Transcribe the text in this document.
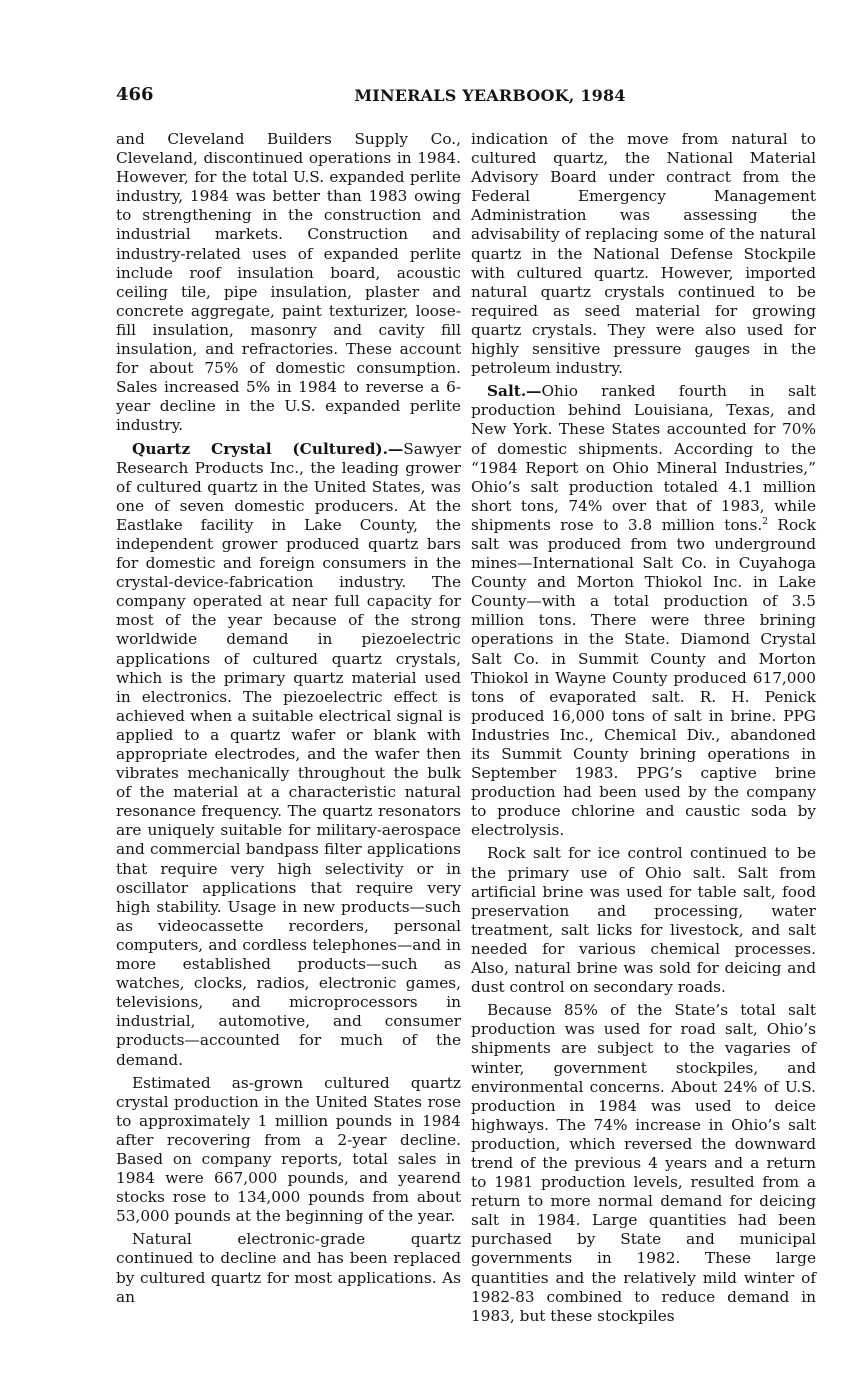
466	MINERALS YEARBOOK, 1984

and Cleveland Builders Supply Co., Cleveland, discontinued operations in 1984. However, for the total U.S. expanded perlite industry, 1984 was better than 1983 owing to strengthening in the construction and industrial markets. Construction and industry-related uses of expanded perlite include roof insulation board, acoustic ceiling tile, pipe insulation, plaster and concrete aggregate, paint texturizer, loose-fill insulation, masonry and cavity fill insulation, and refractories. These account for about 75% of domestic consumption. Sales increased 5% in 1984 to reverse a 6-year decline in the U.S. expanded perlite industry.

Quartz Crystal (Cultured).—Sawyer Research Products Inc., the leading grower of cultured quartz in the United States, was one of seven domestic producers. At the Eastlake facility in Lake County, the independent grower produced quartz bars for domestic and foreign consumers in the crystal-device-fabrication industry. The company operated at near full capacity for most of the year because of the strong worldwide demand in piezoelectric applications of cultured quartz crystals, which is the primary quartz material used in electronics. The piezoelectric effect is achieved when a suitable electrical signal is applied to a quartz wafer or blank with appropriate electrodes, and the wafer then vibrates mechanically throughout the bulk of the material at a characteristic natural resonance frequency. The quartz resonators are uniquely suitable for military-aerospace and commercial bandpass filter applications that require very high selectivity or in oscillator applications that require very high stability. Usage in new products—such as videocassette recorders, personal computers, and cordless telephones—and in more established products—such as watches, clocks, radios, electronic games, televisions, and microprocessors in industrial, automotive, and consumer products—accounted for much of the demand.

Estimated as-grown cultured quartz crystal production in the United States rose to approximately 1 million pounds in 1984 after recovering from a 2-year decline. Based on company reports, total sales in 1984 were 667,000 pounds, and yearend stocks rose to 134,000 pounds from about 53,000 pounds at the beginning of the year.

Natural electronic-grade quartz continued to decline and has been replaced by cultured quartz for most applications. As an

indication of the move from natural to cultured quartz, the National Material Advisory Board under contract from the Federal Emergency Management Administration was assessing the advisability of replacing some of the natural quartz in the National Defense Stockpile with cultured quartz. However, imported natural quartz crystals continued to be required as seed material for growing quartz crystals. They were also used for highly sensitive pressure gauges in the petroleum industry.

Salt.—Ohio ranked fourth in salt production behind Louisiana, Texas, and New York. These States accounted for 70% of domestic shipments. According to the “1984 Report on Ohio Mineral Industries,” Ohio’s salt production totaled 4.1 million short tons, 74% over that of 1983, while shipments rose to 3.8 million tons.$^2$ Rock salt was produced from two underground mines—International Salt Co. in Cuyahoga County and Morton Thiokol Inc. in Lake County—with a total production of 3.5 million tons. There were three brining operations in the State. Diamond Crystal Salt Co. in Summit County and Morton Thiokol in Wayne County produced 617,000 tons of evaporated salt. R. H. Penick produced 16,000 tons of salt in brine. PPG Industries Inc., Chemical Div., abandoned its Summit County brining operations in September 1983. PPG’s captive brine production had been used by the company to produce chlorine and caustic soda by electrolysis.

Rock salt for ice control continued to be the primary use of Ohio salt. Salt from artificial brine was used for table salt, food preservation and processing, water treatment, salt licks for livestock, and salt needed for various chemical processes. Also, natural brine was sold for deicing and dust control on secondary roads.

Because 85% of the State’s total salt production was used for road salt, Ohio’s shipments are subject to the vagaries of winter, government stockpiles, and environmental concerns. About 24% of U.S. production in 1984 was used to deice highways. The 74% increase in Ohio’s salt production, which reversed the downward trend of the previous 4 years and a return to 1981 production levels, resulted from a return to more normal demand for deicing salt in 1984. Large quantities had been purchased by State and municipal governments in 1982. These large quantities and the relatively mild winter of 1982-83 combined to reduce demand in 1983, but these stockpiles
